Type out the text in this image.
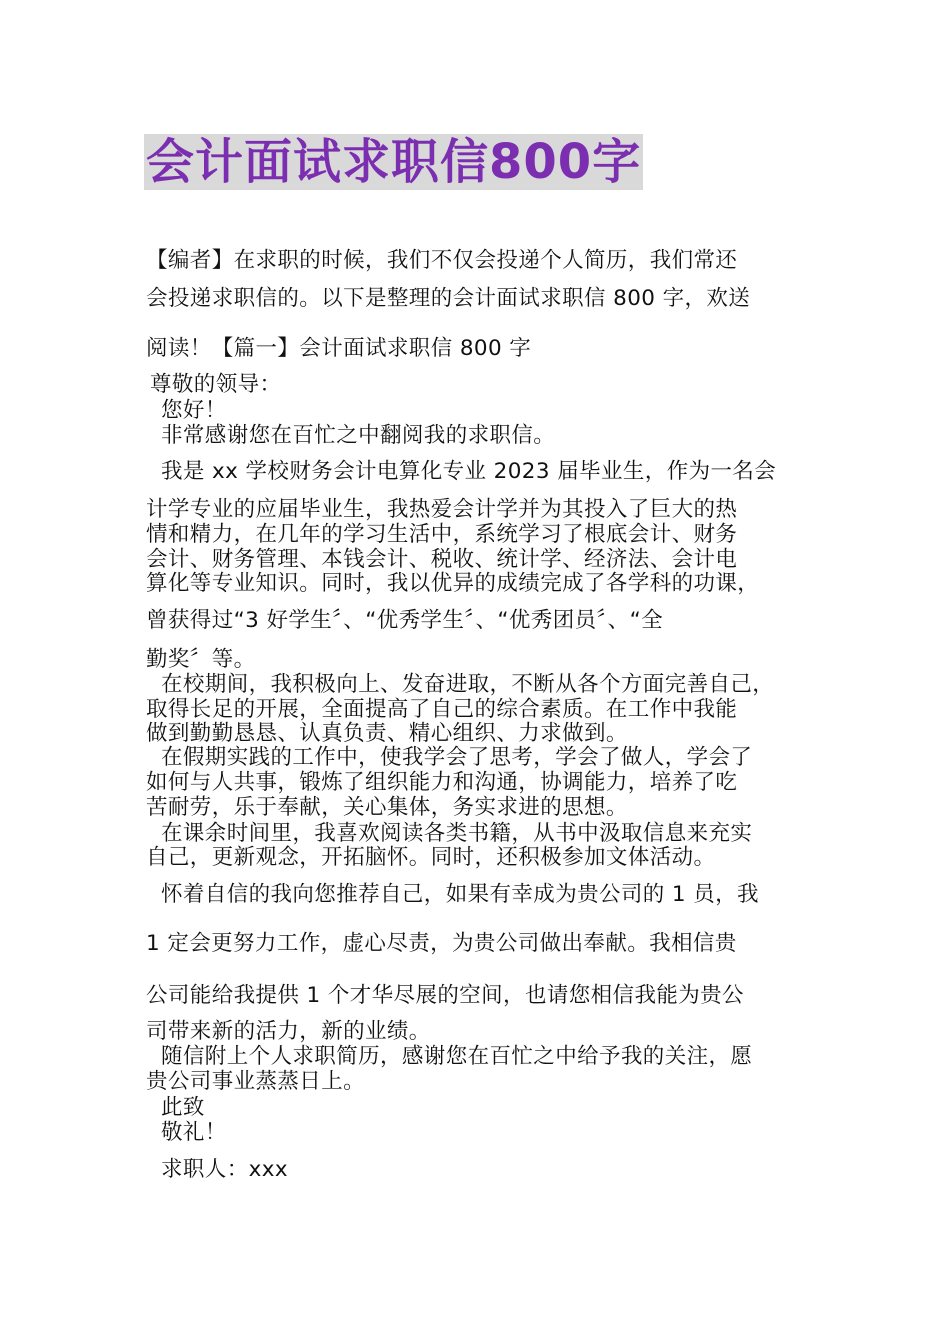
会计面试求职信800字
【编者】在求职的时候，我们不仅会投递个人简历，我们常还
会投递求职信的。以下是整理的会计面试求职信 800 字，欢送
阅读！【篇一】会计面试求职信 800 字
尊敬的领导：
您好！
非常感谢您在百忙之中翻阅我的求职信。
我是 xx 学校财务会计电算化专业 2023 届毕业生，作为一名会
计学专业的应届毕业生，我热爱会计学并为其投入了巨大的热
情和精力，在几年的学习生活中，系统学习了根底会计、财务
会计、财务管理、本钱会计、税收、统计学、经济法、会计电
算化等专业知识。同时，我以优异的成绩完成了各学科的功课，
曾获得过“3 好学生〞、“优秀学生〞、“优秀团员〞、“全
勤奖〞等。
在校期间，我积极向上、发奋进取，不断从各个方面完善自己，
取得长足的开展，全面提高了自己的综合素质。在工作中我能
做到勤勤恳恳、认真负责、精心组织、力求做到。
在假期实践的工作中，使我学会了思考，学会了做人，学会了
如何与人共事，锻炼了组织能力和沟通，协调能力，培养了吃
苦耐劳，乐于奉献，关心集体，务实求进的思想。
在课余时间里，我喜欢阅读各类书籍，从书中汲取信息来充实
自己，更新观念，开拓脑怀。同时，还积极参加文体活动。
怀着自信的我向您推荐自己，如果有幸成为贵公司的 1 员，我
1 定会更努力工作，虚心尽责，为贵公司做出奉献。我相信贵
公司能给我提供 1 个才华尽展的空间，也请您相信我能为贵公
司带来新的活力，新的业绩。
随信附上个人求职简历，感谢您在百忙之中给予我的关注，愿
贵公司事业蒸蒸日上。
此致
敬礼！
求职人：xxx
